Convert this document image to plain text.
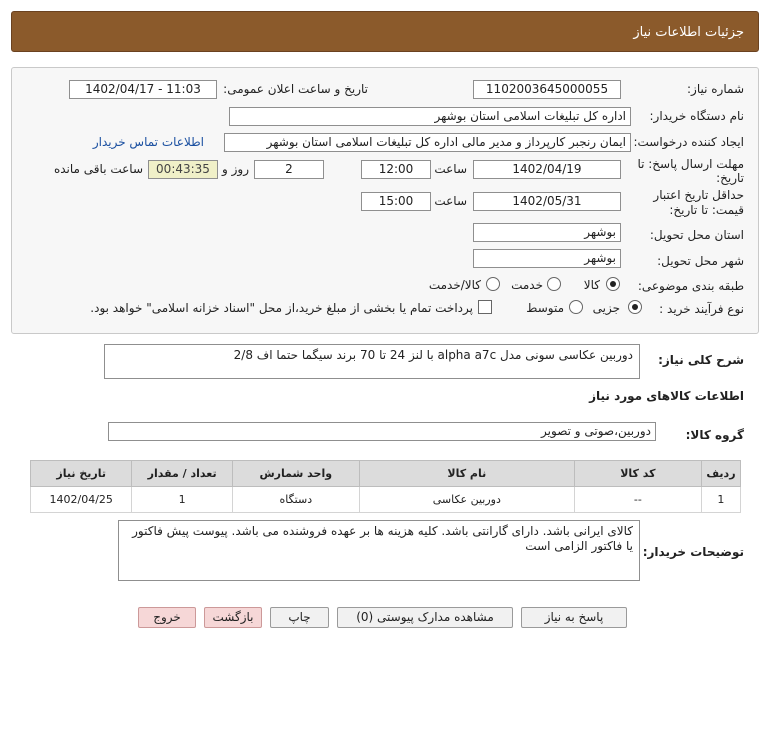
جزئیات اطلاعات نیاز
شماره نیاز:
1102003645000055
تاریخ و ساعت اعلان عمومی:
1402/04/17 - 11:03
نام دستگاه خریدار:
اداره کل تبلیغات اسلامی استان بوشهر
ایجاد کننده درخواست:
ایمان رنجبر کارپرداز و مدیر مالی اداره کل تبلیغات اسلامی استان بوشهر
اطلاعات تماس خریدار
مهلت ارسال پاسخ: تا
تاریخ:
1402/04/19
ساعت
12:00
2
روز و
00:43:35
ساعت باقی مانده
حداقل تاریخ اعتبار
قیمت: تا تاریخ:
1402/05/31
ساعت
15:00
استان محل تحویل:
بوشهر
شهر محل تحویل:
بوشهر
طبقه بندی موضوعی:
کالا
خدمت
کالا/خدمت
نوع فرآیند خرید :
جزیی
متوسط
پرداخت تمام یا بخشی از مبلغ خرید،از محل "اسناد خزانه اسلامی" خواهد بود.
شرح کلی نیاز:
دوربین عکاسی سونی مدل alpha a7c با لنز 24 تا 70 برند سیگما حتما اف 2/8
اطلاعات کالاهای مورد نیاز
گروه کالا:
دوربین،صوتی و تصویر
ردیف	کد کالا	نام کالا	واحد شمارش	تعداد / مقدار	تاریخ نیاز
1	--	دوربین عکاسی	دستگاه	1	1402/04/25
توضیحات خریدار:
کالای ایرانی باشد. دارای گارانتی باشد. کلیه هزینه ها بر عهده فروشنده می باشد. پیوست پیش فاکتور یا فاکتور الزامی است
پاسخ به نیاز
مشاهده مدارک پیوستی (0)
چاپ
بازگشت
خروج
